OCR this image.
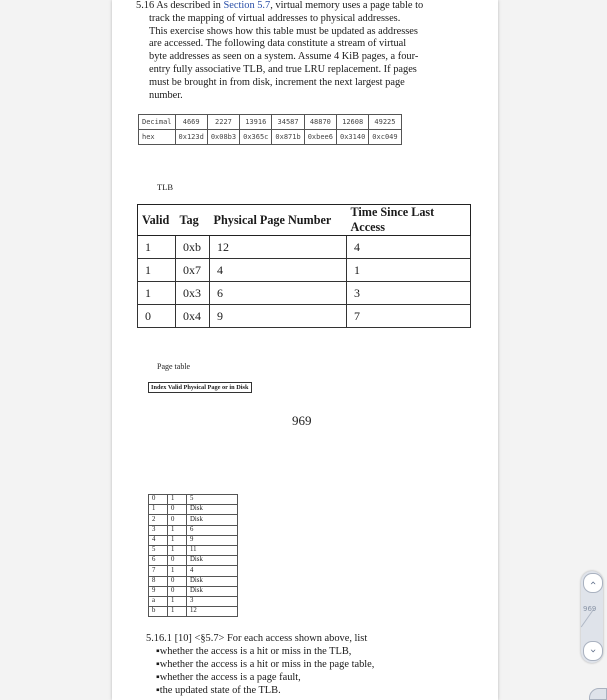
5.16 As described in Section 5.7, virtual memory uses a page table to
track the mapping of virtual addresses to physical addresses.
This exercise shows how this table must be updated as addresses
are accessed. The following data constitute a stream of virtual
byte addresses as seen on a system. Assume 4 KiB pages, a four-
entry fully associative TLB, and true LRU replacement. If pages
must be brought in from disk, increment the next largest page
number.

Decimal	4669	2227	13916	34587	48870	12608	49225
hex	0x123d	0x08b3	0x365c	0x871b	0xbee6	0x3140	0xc049
TLB
Valid	Tag	Physical Page Number	Time Since Last Access
1	0xb	12	4
1	0x7	4	1
1	0x3	6	3
0	0x4	9	7
Page table
Index Valid Physical Page or in Disk
969
0	1	5
1	0	Disk
2	0	Disk
3	1	6
4	1	9
5	1	11
6	0	Disk
7	1	4
8	0	Disk
9	0	Disk
a	1	3
b	1	12

5.16.1 [10] <§5.7> For each access shown above, list

▪whether the access is a hit or miss in the TLB,
▪whether the access is a hit or miss in the page table,
▪whether the access is a page fault,
▪the updated state of the TLB.
‹
969
›
